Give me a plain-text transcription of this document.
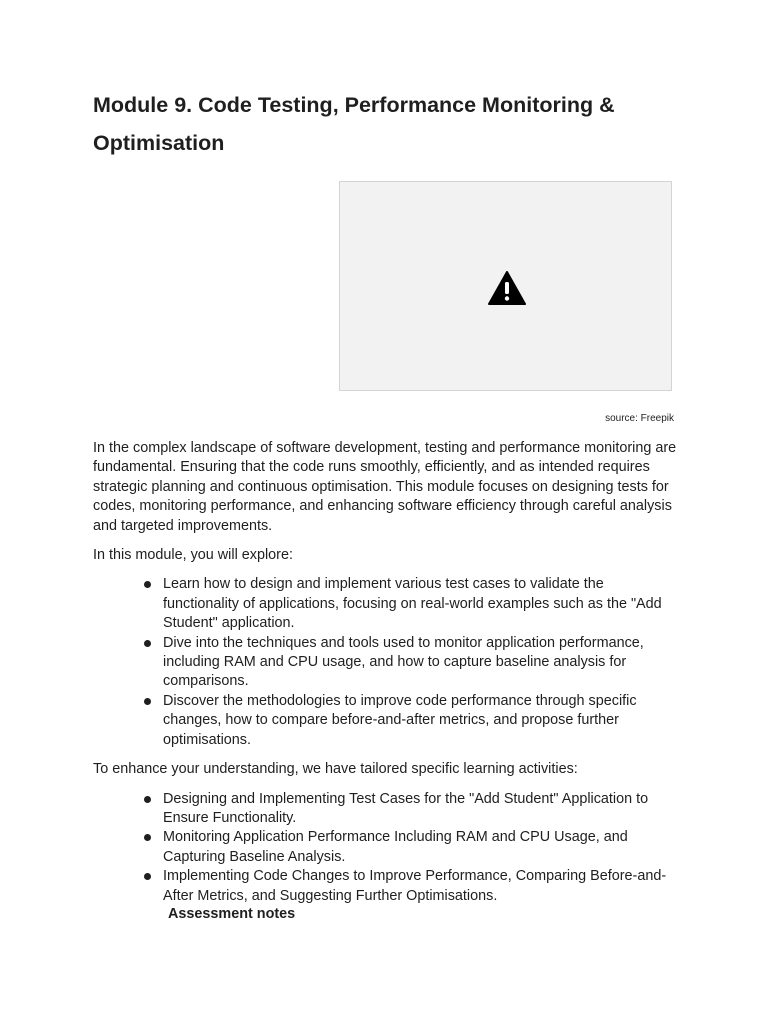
Module 9. Code Testing, Performance Monitoring & Optimisation
source: Freepik

In the complex landscape of software development, testing and performance monitoring are fundamental. Ensuring that the code runs smoothly, efficiently, and as intended requires strategic planning and continuous optimisation. This module focuses on designing tests for codes, monitoring performance, and enhancing software efficiency through careful analysis and targeted improvements.

In this module, you will explore:

Learn how to design and implement various test cases to validate the functionality of applications, focusing on real-world examples such as the "Add Student" application.
Dive into the techniques and tools used to monitor application performance, including RAM and CPU usage, and how to capture baseline analysis for comparisons.
Discover the methodologies to improve code performance through specific changes, how to compare before-and-after metrics, and propose further optimisations.

To enhance your understanding, we have tailored specific learning activities:

Designing and Implementing Test Cases for the "Add Student" Application to Ensure Functionality.
Monitoring Application Performance Including RAM and CPU Usage, and Capturing Baseline Analysis.
Implementing Code Changes to Improve Performance, Comparing Before-and-After Metrics, and Suggesting Further Optimisations.

Assessment notes
